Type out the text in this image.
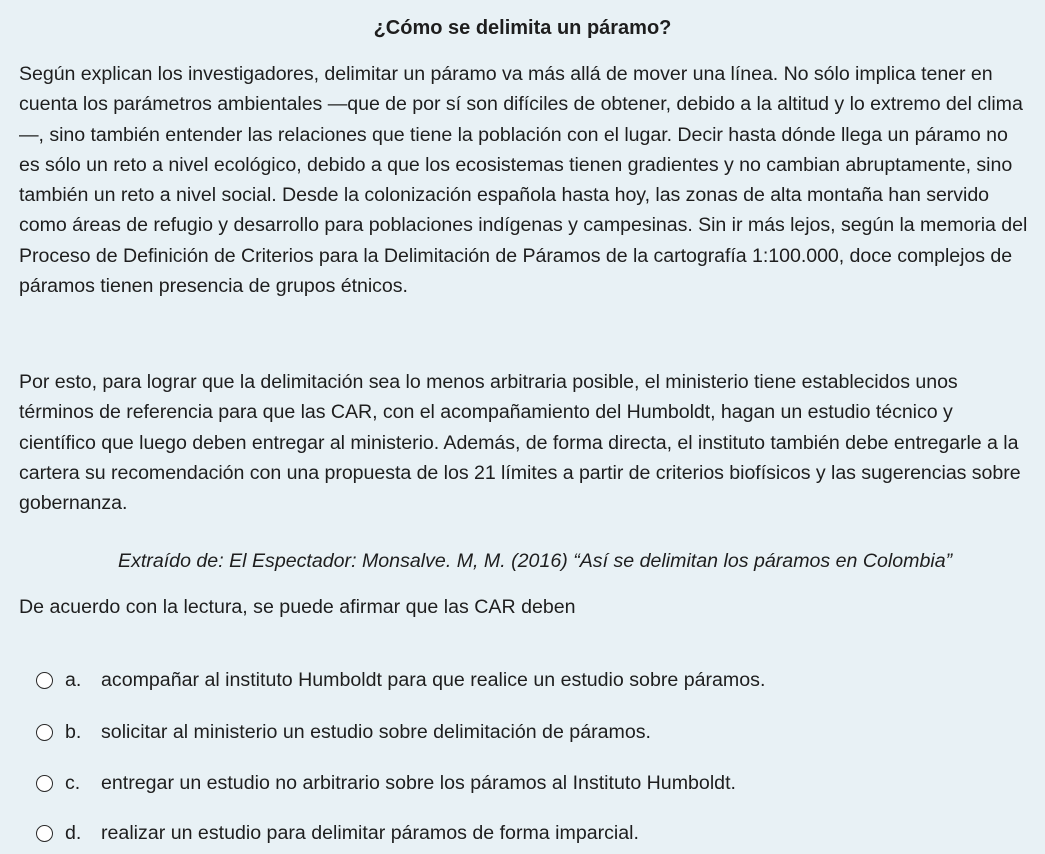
¿Cómo se delimita un páramo?

Según explican los investigadores, delimitar un páramo va más allá de mover una línea. No sólo implica tener en cuenta los parámetros ambientales —que de por sí son difíciles de obtener, debido a la altitud y lo extremo del clima—, sino también entender las relaciones que tiene la población con el lugar. Decir hasta dónde llega un páramo no es sólo un reto a nivel ecológico, debido a que los ecosistemas tienen gradientes y no cambian abruptamente, sino también un reto a nivel social. Desde la colonización española hasta hoy, las zonas de alta montaña han servido como áreas de refugio y desarrollo para poblaciones indígenas y campesinas. Sin ir más lejos, según la memoria del Proceso de Definición de Criterios para la Delimitación de Páramos de la cartografía 1:100.000, doce complejos de páramos tienen presencia de grupos étnicos.

Por esto, para lograr que la delimitación sea lo menos arbitraria posible, el ministerio tiene establecidos unos términos de referencia para que las CAR, con el acompañamiento del Humboldt, hagan un estudio técnico y científico que luego deben entregar al ministerio. Además, de forma directa, el instituto también debe entregarle a la cartera su recomendación con una propuesta de los 21 límites a partir de criterios biofísicos y las sugerencias sobre gobernanza.

Extraído de: El Espectador: Monsalve. M, M. (2016) “Así se delimitan los páramos en Colombia”
De acuerdo con la lectura, se puede afirmar que las CAR deben
a.	acompañar al instituto Humboldt para que realice un estudio sobre páramos.
b.	solicitar al ministerio un estudio sobre delimitación de páramos.
c.	entregar un estudio no arbitrario sobre los páramos al Instituto Humboldt.
d.	realizar un estudio para delimitar páramos de forma imparcial.
